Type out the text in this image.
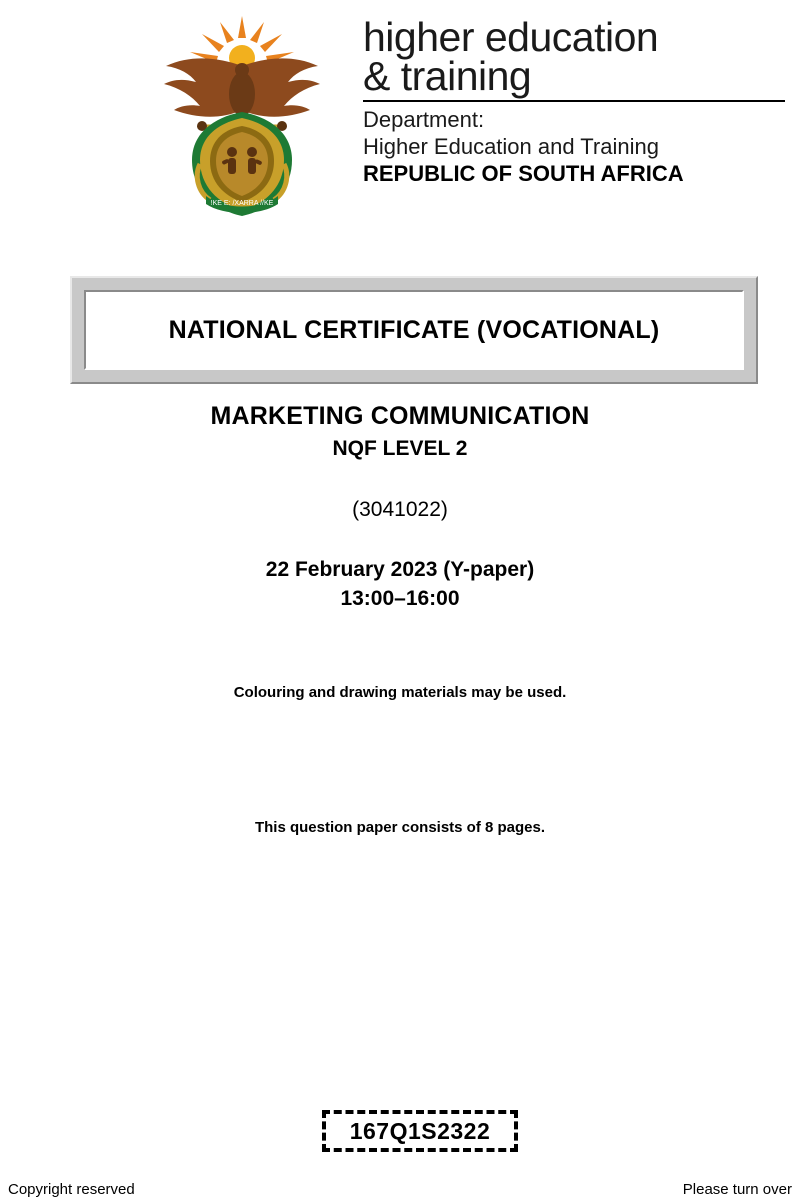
!KE E: /XARRA //KE
higher education
& training
Department:
Higher Education and Training
REPUBLIC OF SOUTH AFRICA
NATIONAL CERTIFICATE (VOCATIONAL)
MARKETING COMMUNICATION
NQF LEVEL 2
(3041022)
22 February 2023 (Y-paper)
13:00–16:00
Colouring and drawing materials may be used.
This question paper consists of 8 pages.
167Q1S2322
Copyright reserved	Please turn over
